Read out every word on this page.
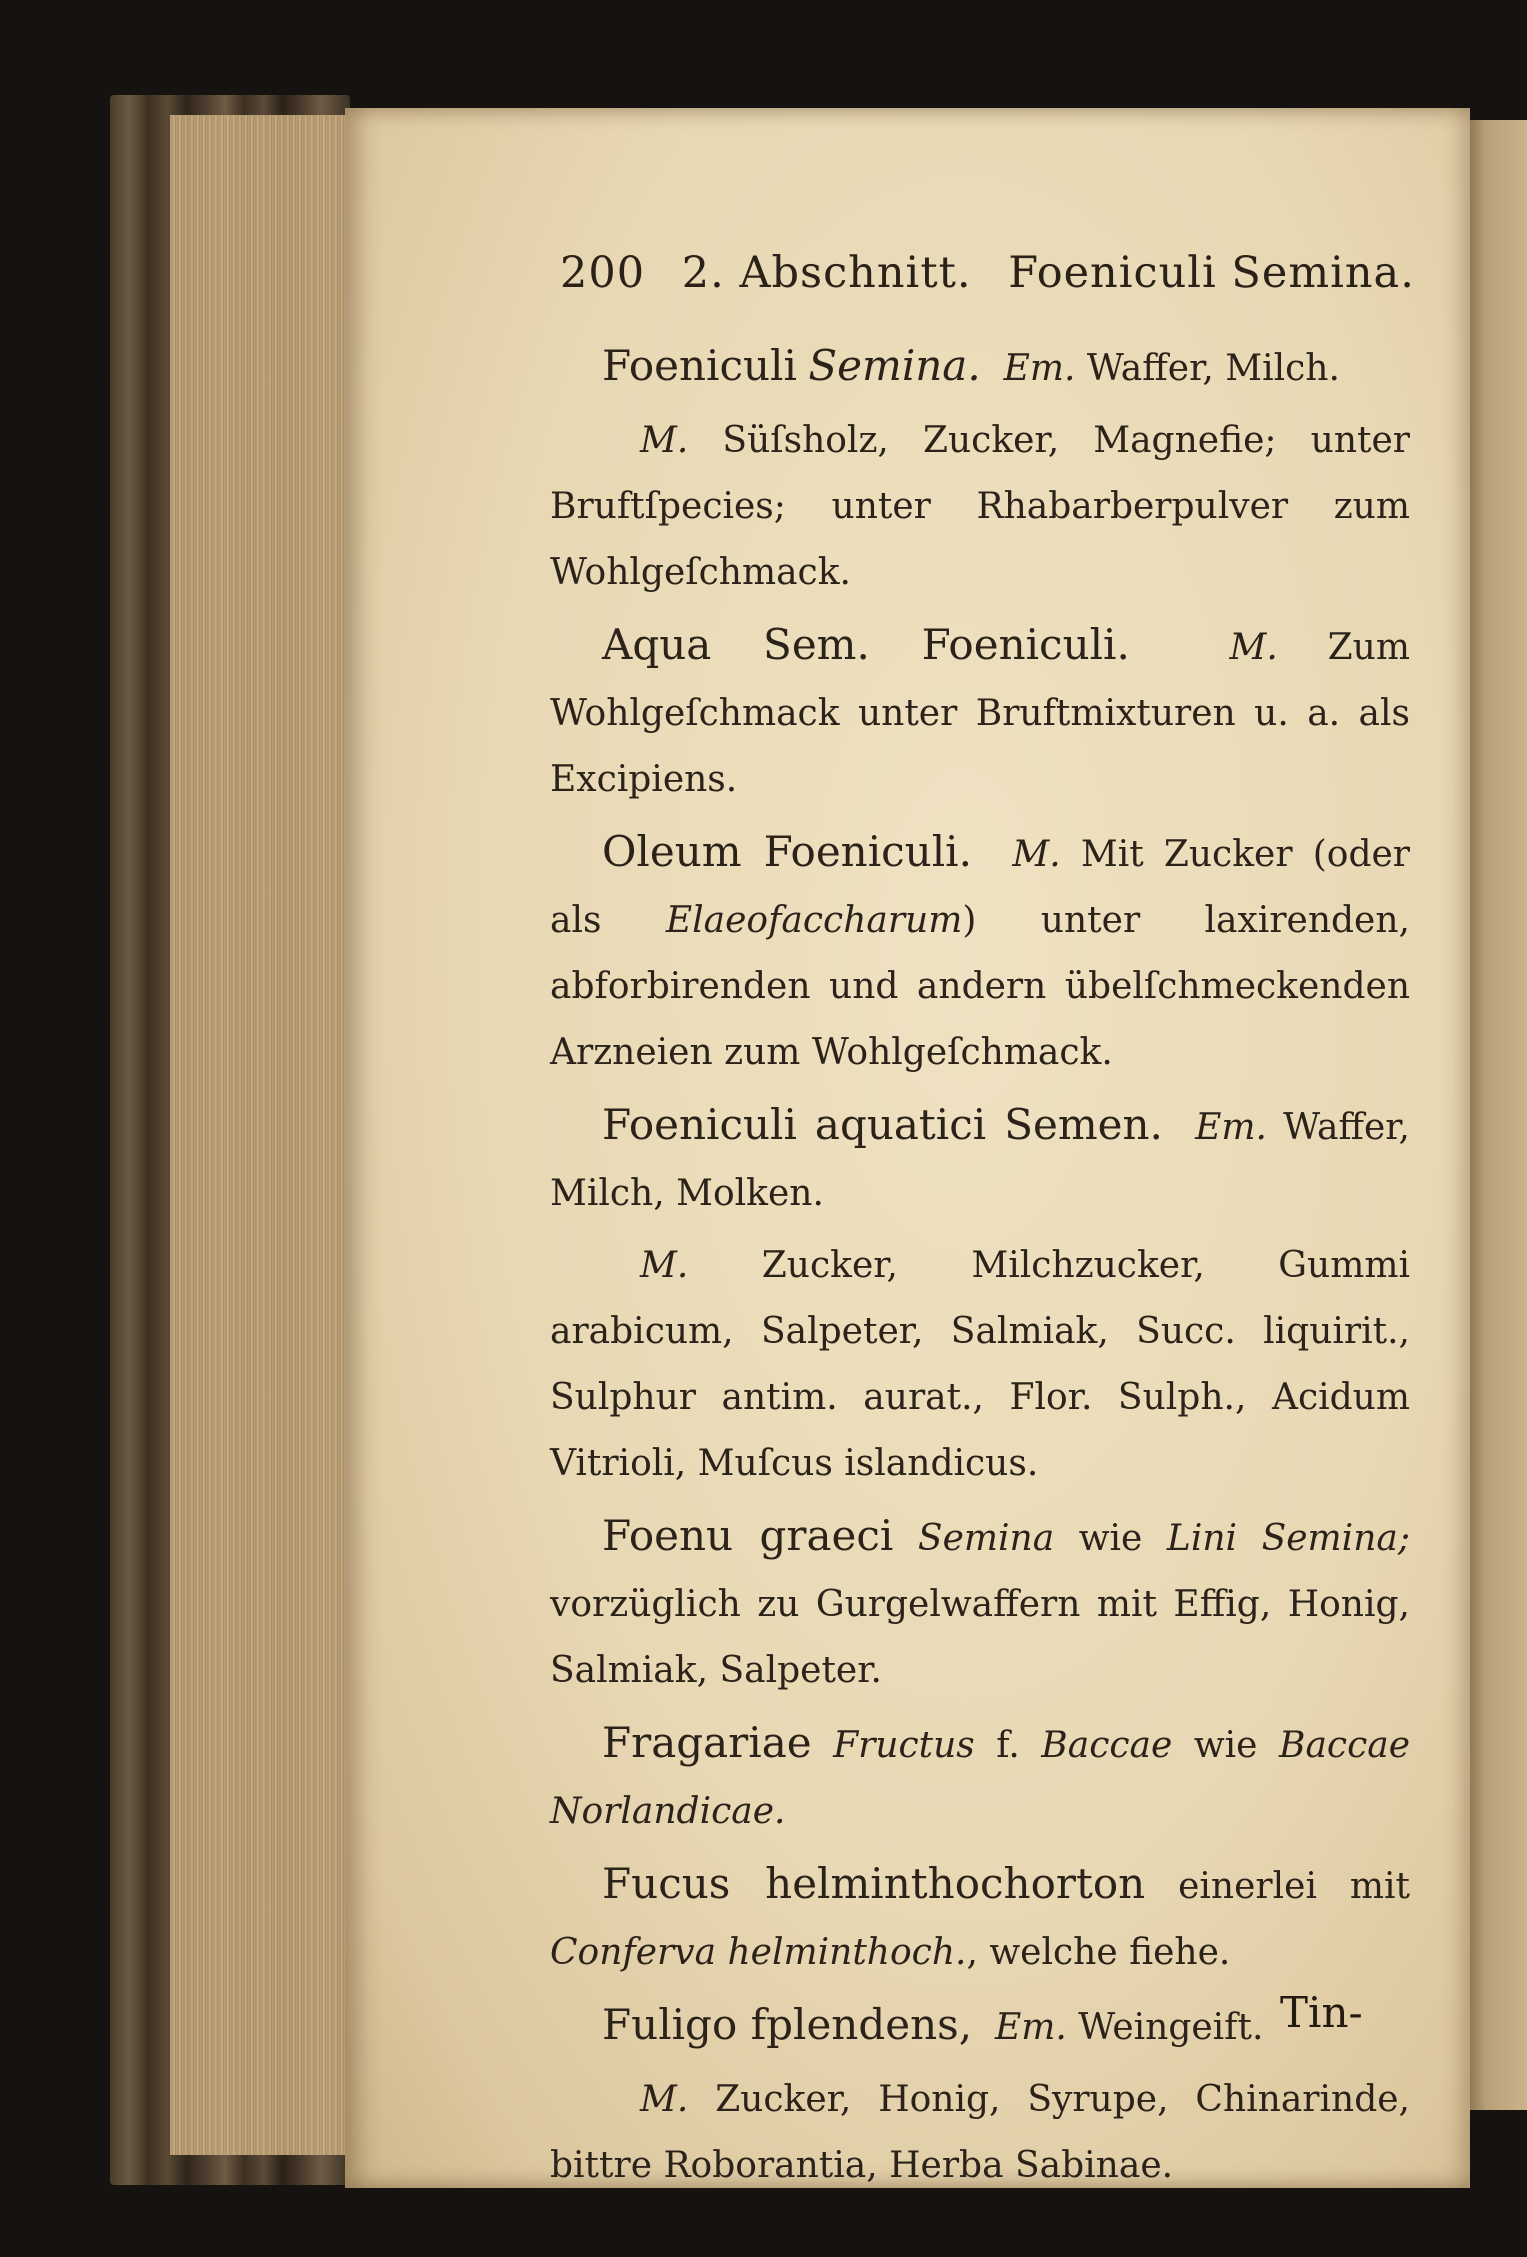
200 2. Abschnitt. Foeniculi Semina.

Foeniculi Semina. Em. Waffer, Milch.

M. Süſsholz, Zucker, Magnefie; unter Bruftſpecies; unter Rhabarberpulver zum Wohlgeſchmack.

Aqua Sem. Foeniculi.	M. Zum Wohlgeſchmack unter Bruftmixturen u. a. als Excipiens.

Oleum Foeniculi. M. Mit Zucker (oder als Elaeofaccharum) unter laxirenden, abforbirenden und andern übelſchmeckenden Arzneien zum Wohlgeſchmack.

Foeniculi aquatici Semen. Em. Waffer, Milch, Molken.

M. Zucker, Milchzucker, Gummi arabicum, Salpeter, Salmiak, Succ. liquirit., Sulphur antim. aurat., Flor. Sulph., Acidum Vitrioli, Muſcus islandicus.

Foenu graeci Semina wie Lini Semina; vorzüglich zu Gurgelwaffern mit Effig, Honig, Salmiak, Salpeter.

Fragariae Fructus f. Baccae wie Baccae Norlandicae.

Fucus helminthochorton einerlei mit Conferva helminthoch., welche fiehe.

Fuligo fplendens, Em. Weingeift.

M. Zucker, Honig, Syrupe, Chinarinde, bittre Roborantia, Herba Sabinae.

Tin-
